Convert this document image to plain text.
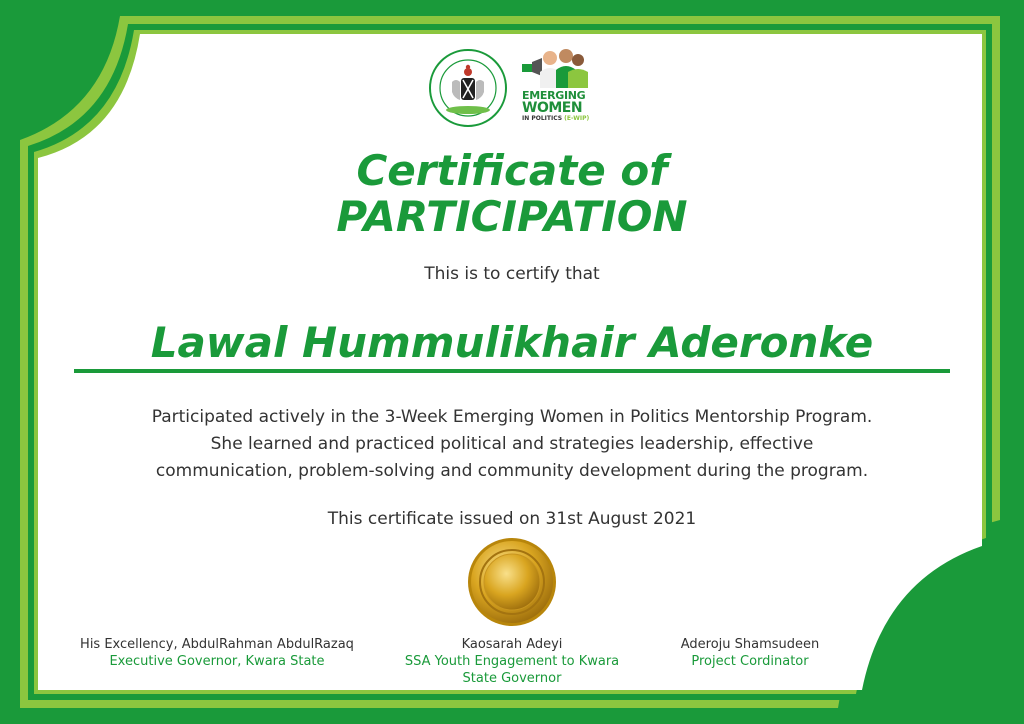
EMERGING
WOMEN
IN POLITICS (E-WIP)
Certificate of
PARTICIPATION
This is to certify that
Lawal Hummulikhair Aderonke
Participated actively in the 3-Week Emerging Women in Politics Mentorship Program. She learned and practiced political and strategies leadership, effective communication, problem-solving and community development during the program.
This certificate issued on 31st August 2021
His Excellency, AbdulRahman AbdulRazaq
Executive Governor, Kwara State
Kaosarah Adeyi
SSA Youth Engagement to Kwara State Governor
Aderoju Shamsudeen
Project Cordinator
